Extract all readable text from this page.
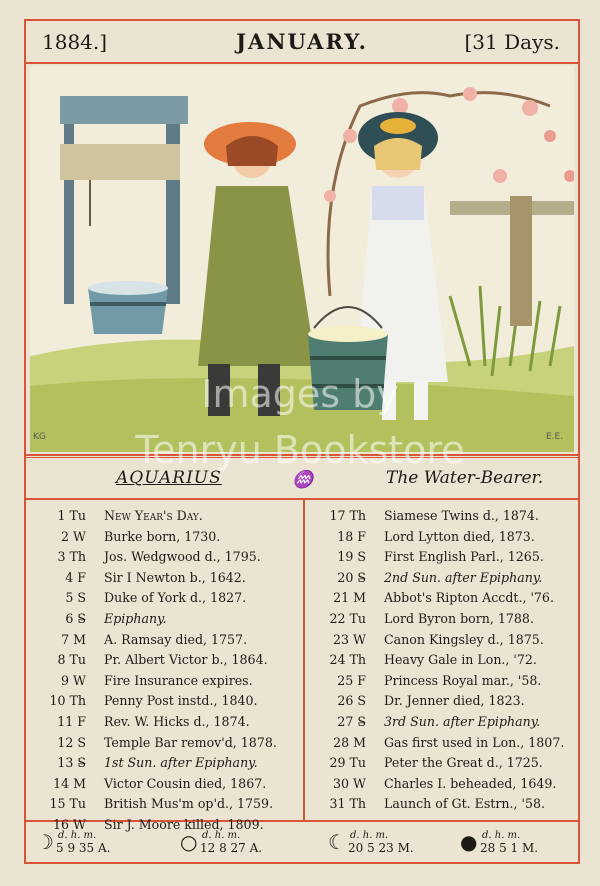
1884.]	JANUARY.	[31 Days.
KG	E.E.
AQUARIUS	♒	The Water-Bearer.
1 Tu New Year's Day.
2 W Burke born, 1730.
3 Th Jos. Wedgwood d., 1795.
4 F Sir I Newton b., 1642.
5 S Duke of York d., 1827.
6 S̶ Epiphany.
7 M A. Ramsay died, 1757.
8 Tu Pr. Albert Victor b., 1864.
9 W Fire Insurance expires.
10 Th Penny Post instd., 1840.
11 F Rev. W. Hicks d., 1874.
12 S Temple Bar remov'd, 1878.
13 S̶ 1st Sun. after Epiphany.
14 M Victor Cousin died, 1867.
15 Tu British Mus'm op'd., 1759.
16 W Sir J. Moore killed, 1809.
17 Th Siamese Twins d., 1874.
18 F Lord Lytton died, 1873.
19 S First English Parl., 1265.
20 S̶ 2nd Sun. after Epiphany.
21 M Abbot's Ripton Accdt., '76.
22 Tu Lord Byron born, 1788.
23 W Canon Kingsley d., 1875.
24 Th Heavy Gale in Lon., '72.
25 F Princess Royal mar., '58.
26 S Dr. Jenner died, 1823.
27 S̶ 3rd Sun. after Epiphany.
28 M Gas first used in Lon., 1807.
29 Tu Peter the Great d., 1725.
30 W Charles I. beheaded, 1649.
31 Th Launch of Gt. Estrn., '58.
☽ d. h. m.
5 9 35 A.	○ d. h. m.
12 8 27 A.	☾ d. h. m.
20 5 23 M. ● d. h. m.
28 5 1 M.
Images by
Tenryu Bookstore
